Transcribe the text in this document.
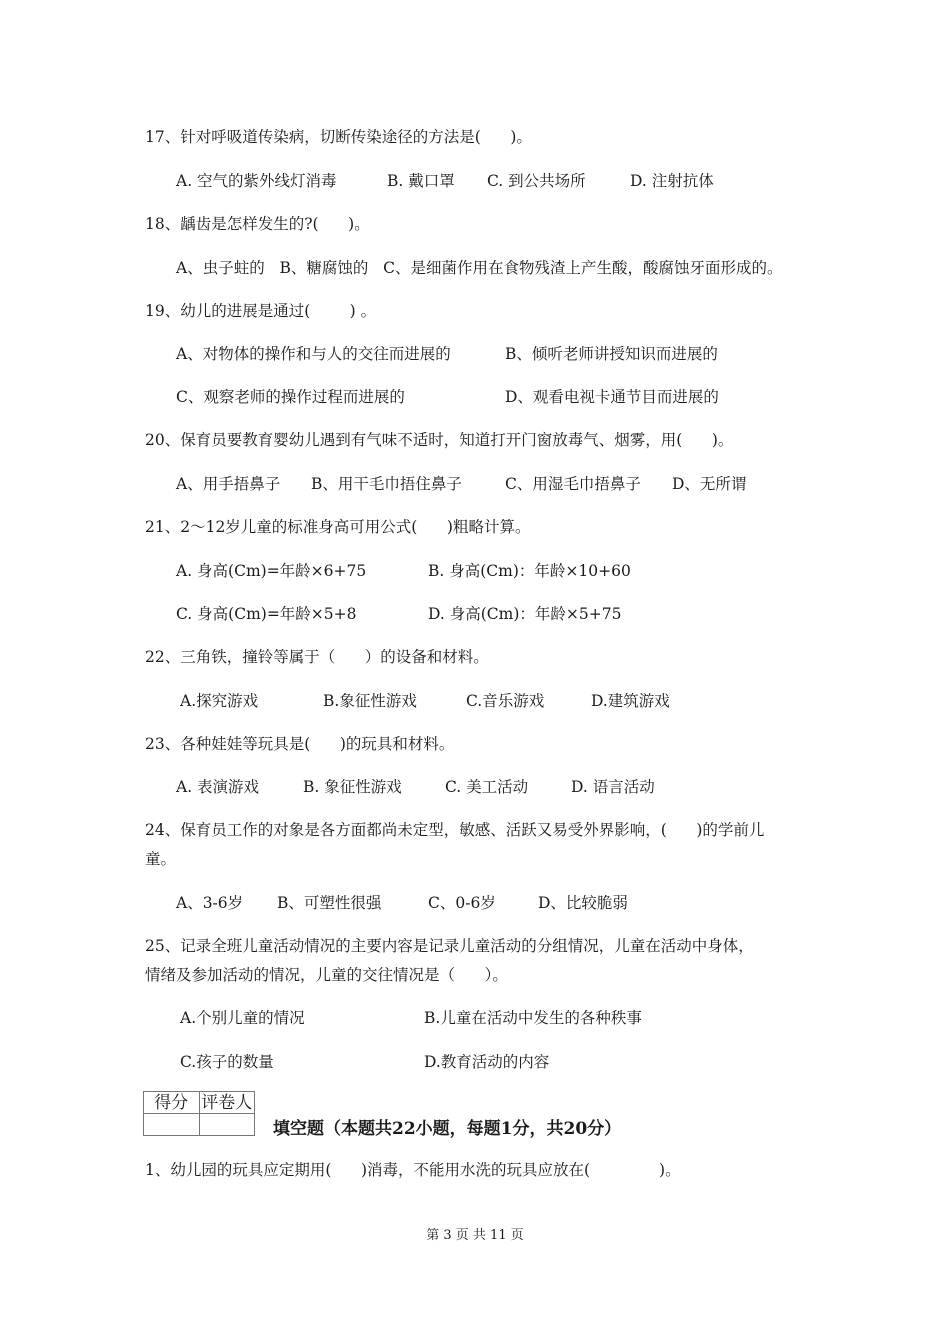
17、针对呼吸道传染病，切断传染途径的方法是(      )。
A. 空气的紫外线灯消毒	B. 戴口罩 C. 到公共场所	D. 注射抗体
18、龋齿是怎样发生的?(      )。
A、虫子蛀的   B、糖腐蚀的   C、是细菌作用在食物残渣上产生酸，酸腐蚀牙面形成的。
19、幼儿的进展是通过(        ) 。
A、对物体的操作和与人的交往而进展的	B、倾听老师讲授知识而进展的
C、观察老师的操作过程而进展的	D、观看电视卡通节目而进展的
20、保育员要教育婴幼儿遇到有气味不适时，知道打开门窗放毒气、烟雾，用(      )。
A、用手捂鼻子 B、用干毛巾捂住鼻子	C、用湿毛巾捂鼻子 D、无所谓
21、2～12岁儿童的标准身高可用公式(      )粗略计算。
A. 身高(Cm)=年龄×6+75	B. 身高(Cm)：年龄×10+60
C. 身高(Cm)=年龄×5+8	D. 身高(Cm)：年龄×5+75
22、三角铁，撞铃等属于（      ）的设备和材料。
A.探究游戏	B.象征性游戏	C.音乐游戏	D.建筑游戏
23、各种娃娃等玩具是(      )的玩具和材料。
A. 表演游戏	B. 象征性游戏	C. 美工活动	D. 语言活动
24、保育员工作的对象是各方面都尚未定型，敏感、活跃又易受外界影响，(      )的学前儿
童。
A、3-6岁 B、可塑性很强	C、0-6岁	D、比较脆弱
25、记录全班儿童活动情况的主要内容是记录儿童活动的分组情况，儿童在活动中身体，
情绪及参加活动的情况，儿童的交往情况是（      ）。
A.个别儿童的情况	B.儿童在活动中发生的各种秩事
C.孩子的数量	D.教育活动的内容
得分	评卷人

填空题（本题共22小题，每题1分，共20分）
1、幼儿园的玩具应定期用(      )消毒，不能用水洗的玩具应放在(              )。
第 3 页 共 11 页
